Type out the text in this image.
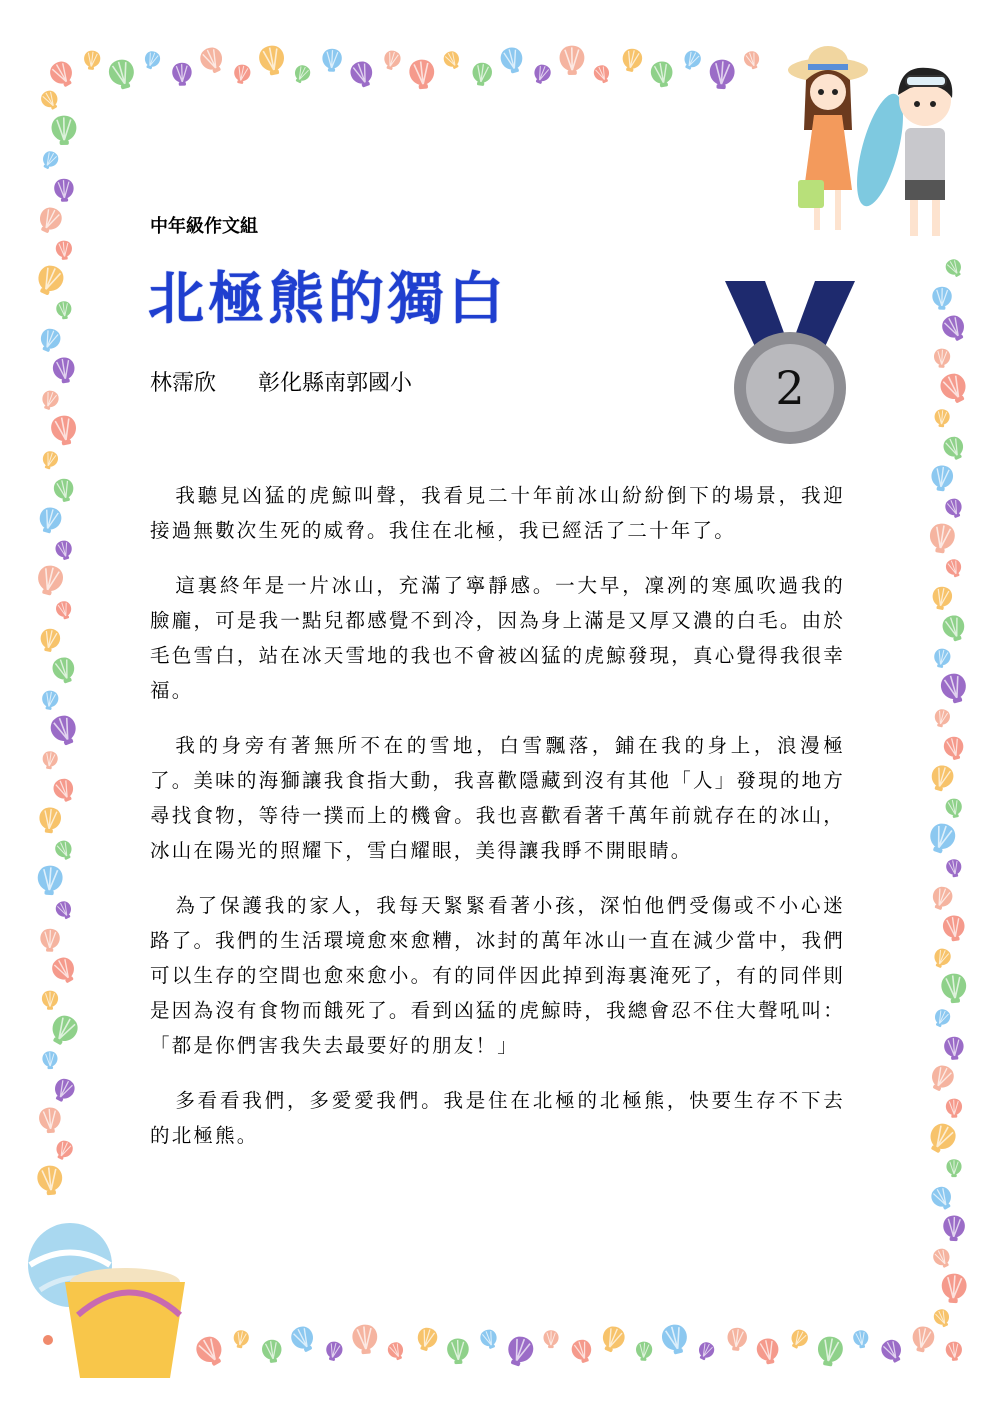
中年級作文組
北極熊的獨白
林霈欣 彰化縣南郭國小	2

我聽見凶猛的虎鯨叫聲，我看見二十年前冰山紛紛倒下的場景，我迎接過無數次生死的威脅。我住在北極，我已經活了二十年了。

這裏終年是一片冰山，充滿了寧靜感。一大早，凜冽的寒風吹過我的臉龐，可是我一點兒都感覺不到冷，因為身上滿是又厚又濃的白毛。由於毛色雪白，站在冰天雪地的我也不會被凶猛的虎鯨發現，真心覺得我很幸福。

我的身旁有著無所不在的雪地，白雪飄落，鋪在我的身上，浪漫極了。美味的海獅讓我食指大動，我喜歡隱藏到沒有其他「人」發現的地方尋找食物，等待一撲而上的機會。我也喜歡看著千萬年前就存在的冰山，冰山在陽光的照耀下，雪白耀眼，美得讓我睜不開眼睛。

為了保護我的家人，我每天緊緊看著小孩，深怕他們受傷或不小心迷路了。我們的生活環境愈來愈糟，冰封的萬年冰山一直在減少當中，我們可以生存的空間也愈來愈小。有的同伴因此掉到海裏淹死了，有的同伴則是因為沒有食物而餓死了。看到凶猛的虎鯨時，我總會忍不住大聲吼叫：「都是你們害我失去最要好的朋友！」

多看看我們，多愛愛我們。我是住在北極的北極熊，快要生存不下去的北極熊。
